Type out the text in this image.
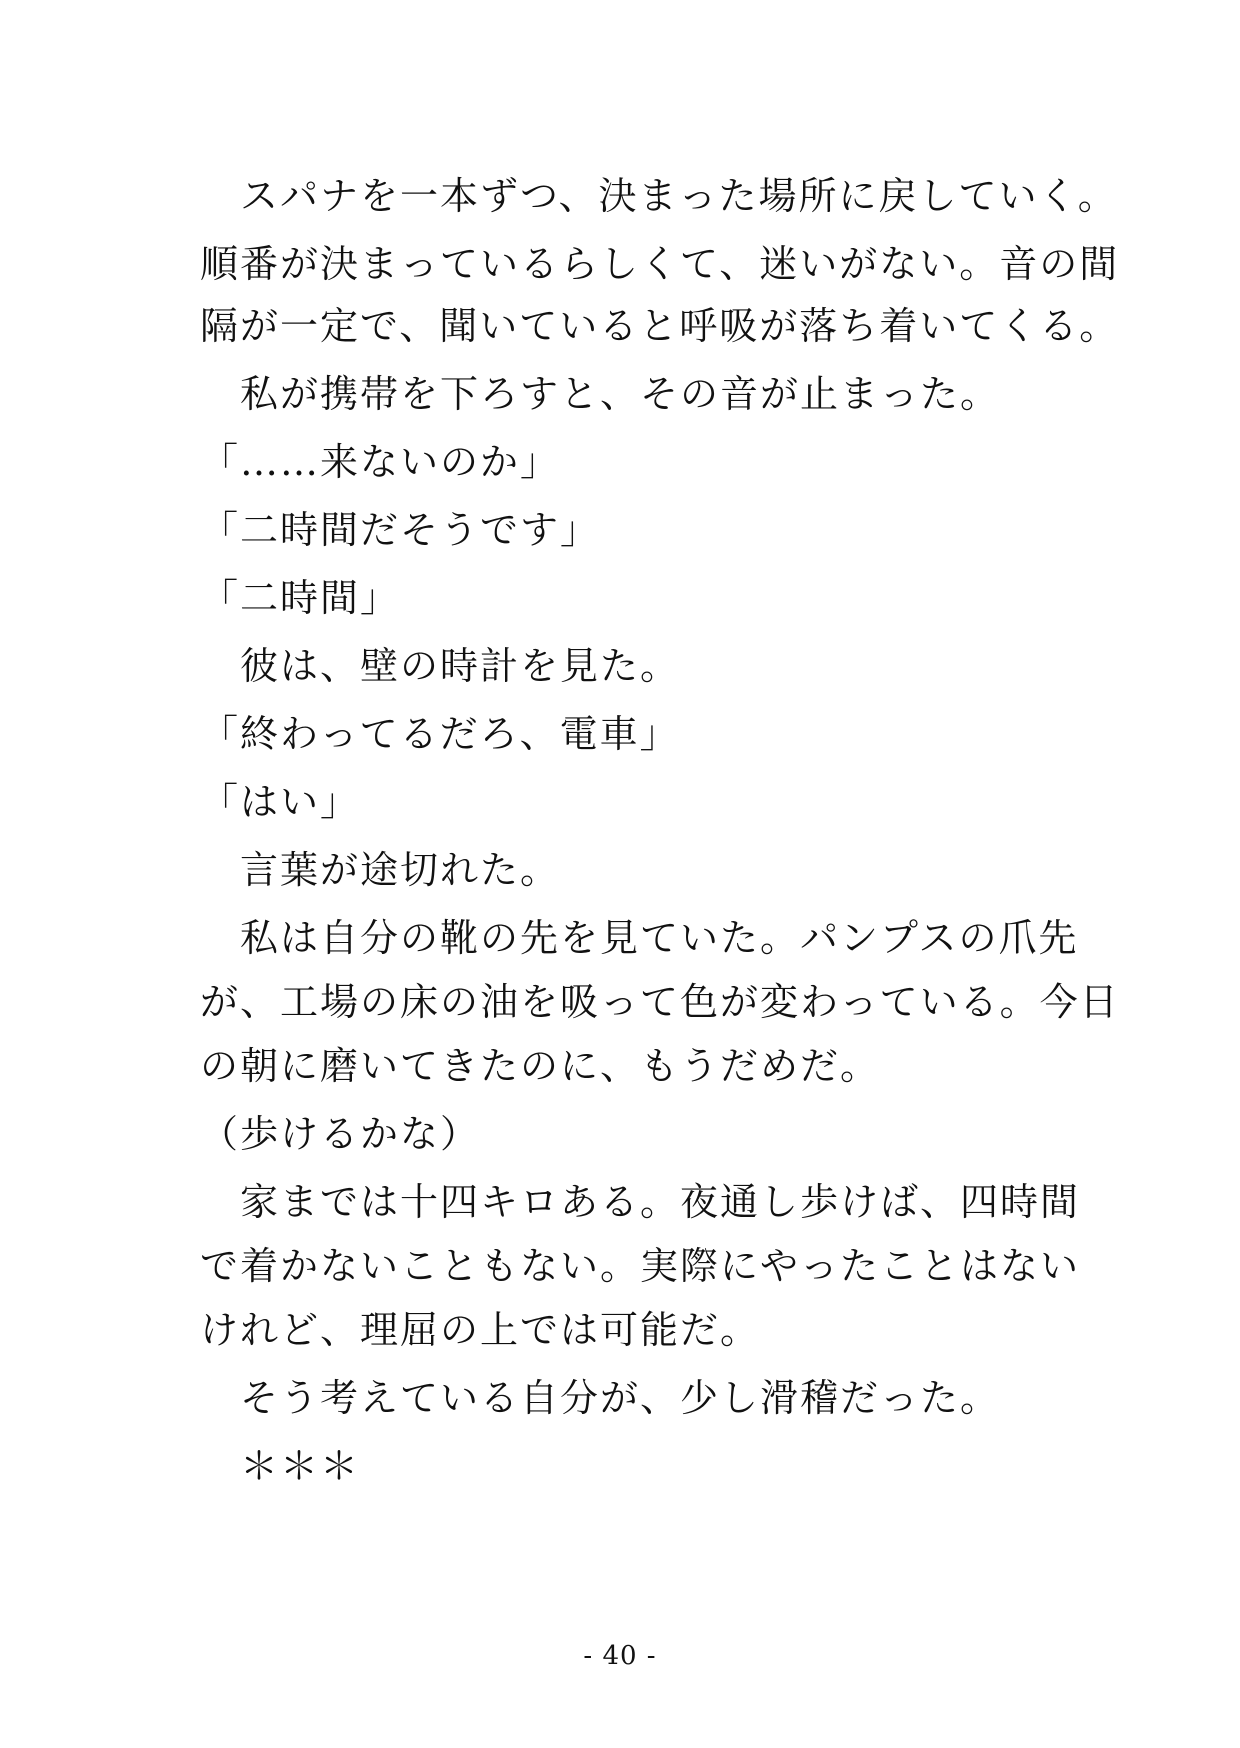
　スパナを一本ずつ、決まった場所に戻していく。
順番が決まっているらしくて、迷いがない。音の間
隔が一定で、聞いていると呼吸が落ち着いてくる。
　私が携帯を下ろすと、その音が止まった。
「……来ないのか」
「二時間だそうです」
「二時間」
　彼は、壁の時計を見た。
「終わってるだろ、電車」
「はい」
　言葉が途切れた。
　私は自分の靴の先を見ていた。パンプスの爪先
が、工場の床の油を吸って色が変わっている。今日
の朝に磨いてきたのに、もうだめだ。
（歩けるかな）
　家までは十四キロある。夜通し歩けば、四時間
で着かないこともない。実際にやったことはない
けれど、理屈の上では可能だ。
　そう考えている自分が、少し滑稽だった。
　＊＊＊
- 40 -
